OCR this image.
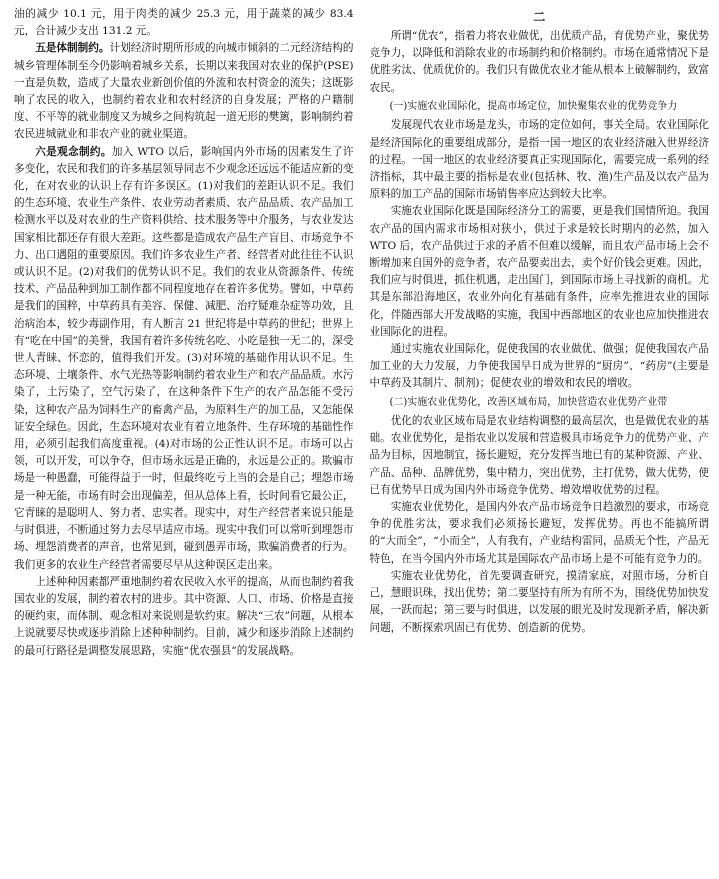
油的减少 10.1 元，用于肉类的减少 25.3 元，用于蔬菜的减少 83.4 元，合计减少支出 131.2 元。

五是体制制约。计划经济时期所形成的向城市倾斜的二元经济结构的城乡管理体制至今仍影响着城乡关系，长期以来我国对农业的保护(PSE)一直是负数，造成了大量农业新创价值的外流和农村资金的流失；这既影响了农民的收入，也制约着农业和农村经济的自身发展；严格的户籍制度、不平等的就业制度又为城乡之间构筑起一道无形的樊篱，影响制约着农民进城就业和非农产业的就业渠道。

六是观念制约。加入 WTO 以后，影响国内外市场的因素发生了许多变化，农民和我们的许多基层领导同志不少观念还远远不能适应新的变化，在对农业的认识上存有许多误区。(1)对我们的差距认识不足。我们的生态环境、农业生产条件、农业劳动者素质、农产品品质、农产品加工检测水平以及对农业的生产资料供给、技术服务等中介服务，与农业发达国家相比都还存有很大差距。这些都是造成农产品生产盲目、市场竞争不力、出口遇阻的重要原因。我们许多农业生产者、经营者对此往往不认识或认识不足。(2)对我们的优势认识不足。我们的农业从资源条件、传统技术、产品品种到加工制作都不同程度地存在着许多优势。譬如，中草药是我们的国粹，中草药具有美容、保健、减肥、治疗疑难杂症等功效，且治病治本，较少毒副作用，有人断言 21 世纪将是中草药的世纪；世界上有“吃在中国”的美誉，我国有着许多传统名吃、小吃是独一无二的，深受世人青睐、怀恋的，值得我们开发。(3)对环境的基础作用认识不足。生态环境、土壤条件、水气光热等影响制约着农业生产和农产品品质。水污染了，土污染了，空气污染了，在这种条件下生产的农产品怎能不受污染，这种农产品为饲料生产的畜禽产品，为原料生产的加工品，又怎能保证安全绿色。因此，生态环境对农业有着立地条件、生存环境的基础性作用，必须引起我们高度重视。(4)对市场的公正性认识不足。市场可以占领，可以开发，可以争夺，但市场永远是正确的，永远是公正的。欺骗市场是一种愚蠢，可能得益于一时，但最终吃亏上当的会是自己；埋怨市场是一种无能，市场有时会出现偏差，但从总体上看，长时间看它最公正，它青睐的是聪明人、努力者、忠实者。现实中，对生产经营者来说只能是与时俱进，不断通过努力去尽早适应市场。现实中我们可以常听到埋怨市场、埋怨消费者的声音，也常见到，碰到愚弄市场，欺骗消费者的行为。我们更多的农业生产经营者需要尽早从这种误区走出来。

上述种种因素都严重地制约着农民收入水平的提高，从而也制约着我国农业的发展，制约着农村的进步。其中资源、人口、市场、价格是直接的硬约束，而体制、观念相对来说则是软约束。解决“三农”问题，从根本上说就要尽快或逐步消除上述种种制约。目前，减少和逐步消除上述制约的最可行路径是调整发展思路，实施“优农强县”的发展战略。

二

所谓“优农”，指着力将农业做优，出优质产品，育优势产业，聚优势竞争力，以降低和消除农业的市场制约和价格制约。市场在通常情况下是优胜劣汰、优质优价的。我们只有做优农业才能从根本上破解制约，致富农民。

(一)实施农业国际化，提高市场定位，加快聚集农业的优势竞争力

发展现代农业市场是龙头，市场的定位如何，事关全局。农业国际化是经济国际化的重要组成部分，是指一国一地区的农业经济融入世界经济的过程。一国一地区的农业经济要真正实现国际化，需要完成一系列的经济指标，其中最主要的指标是农业(包括林、牧、渔)生产品及以农产品为原料的加工产品的国际市场销售率应达到较大比率。

实施农业国际化既是国际经济分工的需要，更是我们国情所迫。我国农产品的国内需求市场相对狭小，供过于求是较长时期内的必然，加入 WTO 后，农产品供过于求的矛盾不但难以缓解，而且农产品市场上会不断增加来自国外的竞争者，农产品要卖出去，卖个好价钱会更难。因此，我们应与时俱进，抓住机遇，走出国门，到国际市场上寻找新的商机。尤其是东部沿海地区，农业外向化有基础有条件，应率先推进农业的国际化，伴随西部大开发战略的实施，我国中西部地区的农业也应加快推进农业国际化的进程。

通过实施农业国际化，促使我国的农业做优、做强；促使我国农产品加工业的大力发展，力争使我国早日成为世界的“厨房”、“药房”(主要是中草药及其制片、制剂)；促使农业的增效和农民的增收。

(二)实施农业优势化，改善区域布局，加快营造农业优势产业带

优化的农业区域布局是农业结构调整的最高层次，也是做优农业的基础。农业优势化，是指农业以发展和营造极具市场竞争力的优势产业、产品为目标，因地制宜，扬长避短，充分发挥当地已有的某种资源、产业、产品、品种、品牌优势，集中精力，突出优势，主打优势，做大优势，使已有优势早日成为国内外市场竞争优势、增效增收优势的过程。

实施农业优势化，是国内外农产品市场竞争日趋激烈的要求，市场竞争的优胜劣汰，要求我们必须扬长避短，发挥优势。再也不能搞所谓的“大而全”，“小而全”，人有我有，产业结构雷同，品质无个性，产品无特色，在当今国内外市场尤其是国际农产品市场上是不可能有竞争力的。

实施农业优势化，首先要调查研究，摸清家底，对照市场，分析自己，慧眼识珠，找出优势；第二要坚持有所为有所不为，围绕优势加快发展，一跃而起；第三要与时俱进，以发展的眼光及时发现新矛盾，解决新问题，不断探索巩固已有优势、创造新的优势。
